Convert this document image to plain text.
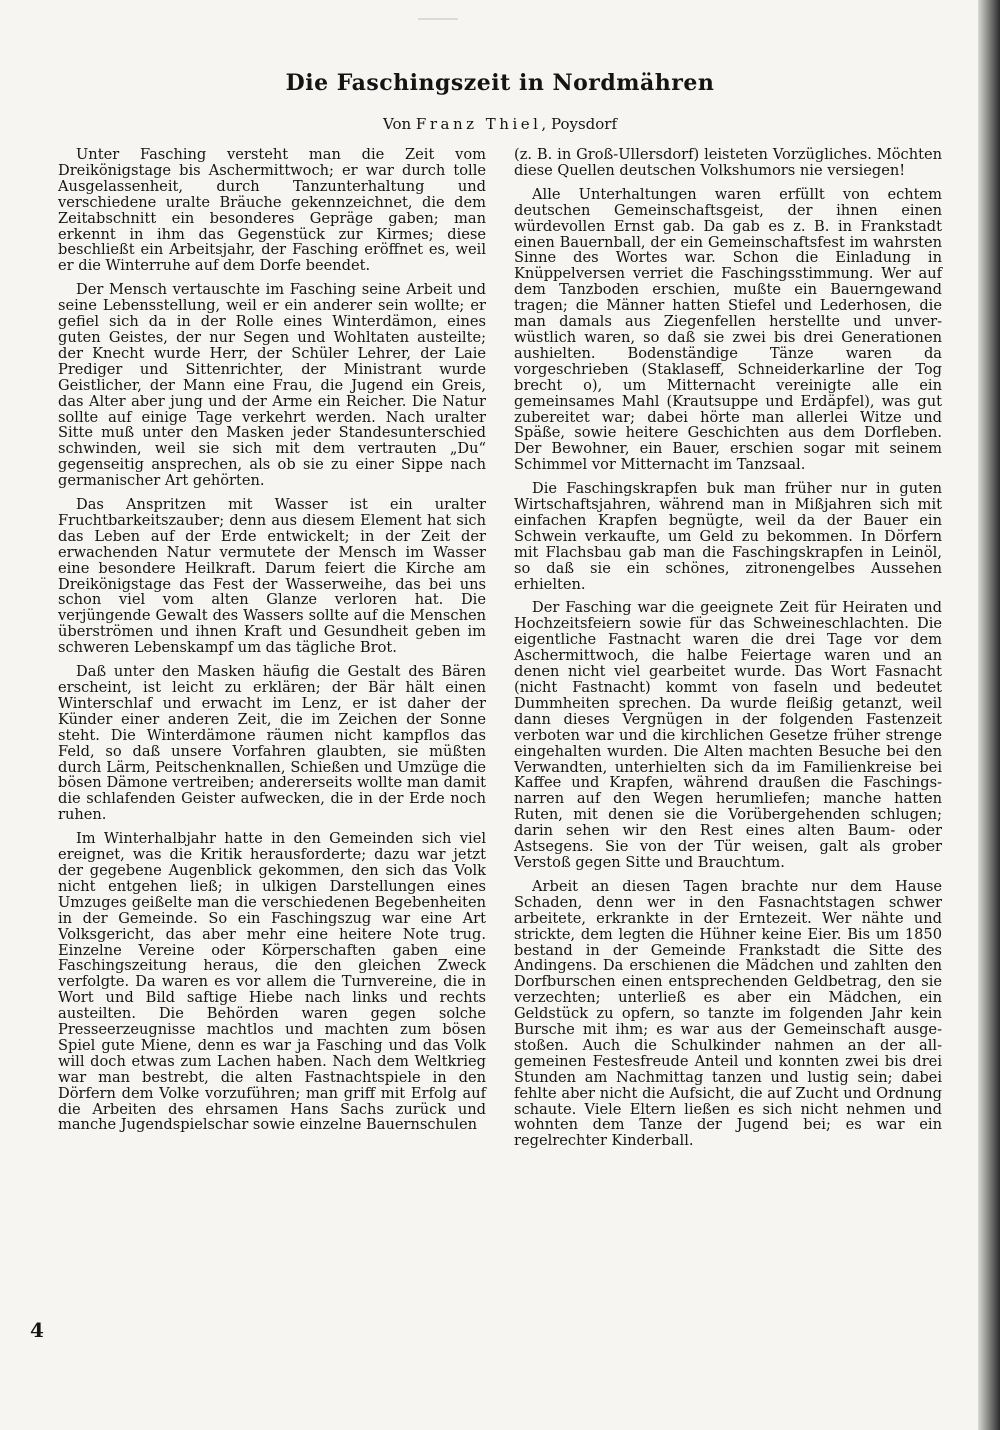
Die Faschingszeit in Nordmähren

Von Franz Thiel, Poysdorf

Unter Fasching versteht man die Zeit vom Dreikönigstage bis Aschermittwoch; er war durch tolle Ausgelassenheit, durch Tanzunterhaltung und verschiedene uralte Bräuche gekennzeichnet, die dem Zeitabschnitt ein besonderes Gepräge gaben; man erkennt in ihm das Gegenstück zur Kirmes; diese beschließt ein Arbeitsjahr, der Fasching eröffnet es, weil er die Winterruhe auf dem Dorfe beendet.

Der Mensch vertauschte im Fasching seine Arbeit und seine Lebensstellung, weil er ein anderer sein wollte; er gefiel sich da in der Rolle eines Winterdämon, eines guten Geistes, der nur Segen und Wohltaten austeilte; der Knecht wurde Herr, der Schüler Lehrer, der Laie Prediger und Sittenrichter, der Ministrant wurde Geistlicher, der Mann eine Frau, die Jugend ein Greis, das Alter aber jung und der Arme ein Reicher. Die Natur sollte auf einige Tage verkehrt werden. Nach uralter Sitte muß unter den Masken jeder Standesunterschied schwinden, weil sie sich mit dem vertrauten „Du“ gegenseitig ansprechen, als ob sie zu einer Sippe nach germanischer Art gehörten.

Das Anspritzen mit Wasser ist ein uralter Fruchtbarkeitszauber; denn aus diesem Element hat sich das Leben auf der Erde entwickelt; in der Zeit der erwachenden Natur vermutete der Mensch im Wasser eine besondere Heilkraft. Darum feiert die Kirche am Dreikönigstage das Fest der Wasserweihe, das bei uns schon viel vom alten Glanze verloren hat. Die verjüngende Gewalt des Wassers sollte auf die Menschen überströmen und ihnen Kraft und Gesundheit geben im schweren Lebenskampf um das tägliche Brot.

Daß unter den Masken häufig die Gestalt des Bären erscheint, ist leicht zu erklären; der Bär hält einen Winterschlaf und erwacht im Lenz, er ist daher der Künder einer anderen Zeit, die im Zeichen der Sonne steht. Die Winterdämone räumen nicht kampflos das Feld, so daß unsere Vorfahren glaubten, sie müßten durch Lärm, Peitschenknallen, Schießen und Umzüge die bösen Dämone vertreiben; andererseits wollte man damit die schlafenden Geister aufwecken, die in der Erde noch ruhen.

Im Winterhalbjahr hatte in den Gemeinden sich viel ereignet, was die Kritik herausforderte; dazu war jetzt der gegebene Augenblick gekommen, den sich das Volk nicht entgehen ließ; in ulkigen Darstellungen eines Umzuges geißelte man die verschiedenen Begebenheiten in der Gemeinde. So ein Faschingszug war eine Art Volksgericht, das aber mehr eine heitere Note trug. Einzelne Vereine oder Körperschaften gaben eine Faschingszeitung heraus, die den gleichen Zweck verfolgte. Da waren es vor allem die Turnvereine, die in Wort und Bild saftige Hiebe nach links und rechts austeilten. Die Behörden waren gegen solche Presseerzeugnisse machtlos und machten zum bösen Spiel gute Miene, denn es war ja Fasching und das Volk will doch etwas zum Lachen haben. Nach dem Weltkrieg war man bestrebt, die alten Fastnachtspiele in den Dörfern dem Volke vorzuführen; man griff mit Erfolg auf die Arbeiten des ehrsamen Hans Sachs zurück und manche Jugendspielschar sowie einzelne Bauernschulen

(z. B. in Groß-Ullersdorf) leisteten Vorzügliches. Möchten diese Quellen deutschen Volkshumors nie versiegen!

Alle Unterhaltungen waren erfüllt von echtem deutschen Gemeinschaftsgeist, der ihnen einen würdevollen Ernst gab. Da gab es z. B. in Frankstadt einen Bauernball, der ein Gemeinschaftsfest im wahrsten Sinne des Wortes war. Schon die Einladung in Knüppelversen verriet die Faschingsstimmung. Wer auf dem Tanzboden erschien, mußte ein Bauerngewand tragen; die Männer hatten Stiefel und Lederhosen, die man damals aus Ziegenfellen herstellte und unverwüstlich waren, so daß sie zwei bis drei Generationen aushielten. Bodenständige Tänze waren da vorgeschrieben (Staklaseff, Schneiderkarline der Tog brecht o), um Mitternacht vereinigte alle ein gemeinsames Mahl (Krautsuppe und Erdäpfel), was gut zubereitet war; dabei hörte man allerlei Witze und Späße, sowie heitere Geschichten aus dem Dorfleben. Der Bewohner, ein Bauer, erschien sogar mit seinem Schimmel vor Mitternacht im Tanzsaal.

Die Faschingskrapfen buk man früher nur in guten Wirtschaftsjahren, während man in Mißjahren sich mit einfachen Krapfen begnügte, weil da der Bauer ein Schwein verkaufte, um Geld zu bekommen. In Dörfern mit Flachsbau gab man die Faschingskrapfen in Leinöl, so daß sie ein schönes, zitronengelbes Aussehen erhielten.

Der Fasching war die geeignete Zeit für Heiraten und Hochzeitsfeiern sowie für das Schweineschlachten. Die eigentliche Fastnacht waren die drei Tage vor dem Aschermittwoch, die halbe Feiertage waren und an denen nicht viel gearbeitet wurde. Das Wort Fasnacht (nicht Fastnacht) kommt von faseln und bedeutet Dummheiten sprechen. Da wurde fleißig getanzt, weil dann dieses Vergnügen in der folgenden Fastenzeit verboten war und die kirchlichen Gesetze früher strenge eingehalten wurden. Die Alten machten Besuche bei den Verwandten, unterhielten sich da im Familienkreise bei Kaffee und Krapfen, während draußen die Faschingsnarren auf den Wegen herumliefen; manche hatten Ruten, mit denen sie die Vorübergehenden schlugen; darin sehen wir den Rest eines alten Baum- oder Astsegens. Sie von der Tür weisen, galt als grober Verstoß gegen Sitte und Brauchtum.

Arbeit an diesen Tagen brachte nur dem Hause Schaden, denn wer in den Fasnachtstagen schwer arbeitete, erkrankte in der Erntezeit. Wer nähte und strickte, dem legten die Hühner keine Eier. Bis um 1850 bestand in der Gemeinde Frankstadt die Sitte des Andingens. Da erschienen die Mädchen und zahlten den Dorfburschen einen entsprechenden Geldbetrag, den sie verzechten; unterließ es aber ein Mädchen, ein Geldstück zu opfern, so tanzte im folgenden Jahr kein Bursche mit ihm; es war aus der Gemeinschaft ausgestoßen. Auch die Schulkinder nahmen an der allgemeinen Festesfreude Anteil und konnten zwei bis drei Stunden am Nachmittag tanzen und lustig sein; dabei fehlte aber nicht die Aufsicht, die auf Zucht und Ordnung schaute. Viele Eltern ließen es sich nicht nehmen und wohnten dem Tanze der Jugend bei; es war ein regelrechter Kinderball.

4
